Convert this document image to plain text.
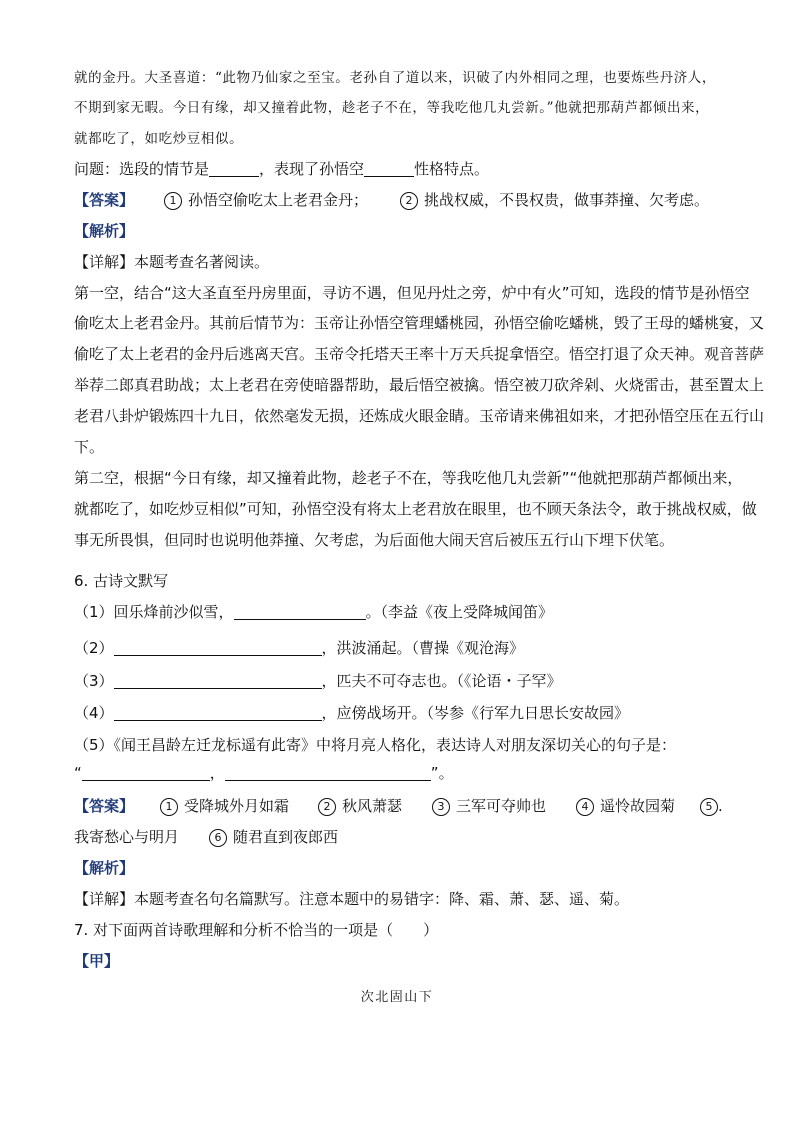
就的金丹。大圣喜道：“此物乃仙家之至宝。老孙自了道以来，识破了内外相同之理，也要炼些丹济人，
不期到家无暇。今日有缘，却又撞着此物，趁老子不在，等我吃他几丸尝新。”他就把那葫芦都倾出来，
就都吃了，如吃炒豆相似。
问题：选段的情节是	，表现了孙悟空	性格特点。
【答案】	1 孙悟空偷吃太上老君金丹；	2 挑战权威，不畏权贵，做事莽撞、欠考虑。
【解析】
【详解】本题考查名著阅读。
第一空，结合“这大圣直至丹房里面，寻访不遇，但见丹灶之旁，炉中有火”可知，选段的情节是孙悟空
偷吃太上老君金丹。其前后情节为：玉帝让孙悟空管理蟠桃园，孙悟空偷吃蟠桃，毁了王母的蟠桃宴，又
偷吃了太上老君的金丹后逃离天宫。玉帝令托塔天王率十万天兵捉拿悟空。悟空打退了众天神。观音菩萨
举荐二郎真君助战；太上老君在旁使暗器帮助，最后悟空被擒。悟空被刀砍斧剁、火烧雷击，甚至置太上
老君八卦炉锻炼四十九日，依然毫发无损，还炼成火眼金睛。玉帝请来佛祖如来，才把孙悟空压在五行山
下。
第二空，根据“今日有缘，却又撞着此物，趁老子不在，等我吃他几丸尝新”“他就把那葫芦都倾出来，
就都吃了，如吃炒豆相似”可知，孙悟空没有将太上老君放在眼里，也不顾天条法令，敢于挑战权威，做
事无所畏惧，但同时也说明他莽撞、欠考虑，为后面他大闹天宫后被压五行山下埋下伏笔。
6. 古诗文默写
（1）回乐烽前沙似雪，	。（李益《夜上受降城闻笛》
（2）	，洪波涌起。（曹操《观沧海》
（3）	，匹夫不可夺志也。（《论语・子罕》
（4）	，应傍战场开。（岑参《行军九日思长安故园》
（5）《闻王昌龄左迁龙标遥有此寄》中将月亮人格化，表达诗人对朋友深切关心的句子是：
“	，	”。
【答案】	1 受降城外月如霜	2 秋风萧瑟	3 三军可夺帅也	4 遥怜故园菊	5 .
我寄愁心与明月	6 随君直到夜郎西
【解析】
【详解】本题考查名句名篇默写。注意本题中的易错字：降、霜、萧、瑟、遥、菊。
7. 对下面两首诗歌理解和分析不恰当的一项是（　　）
【甲】
次北固山下
